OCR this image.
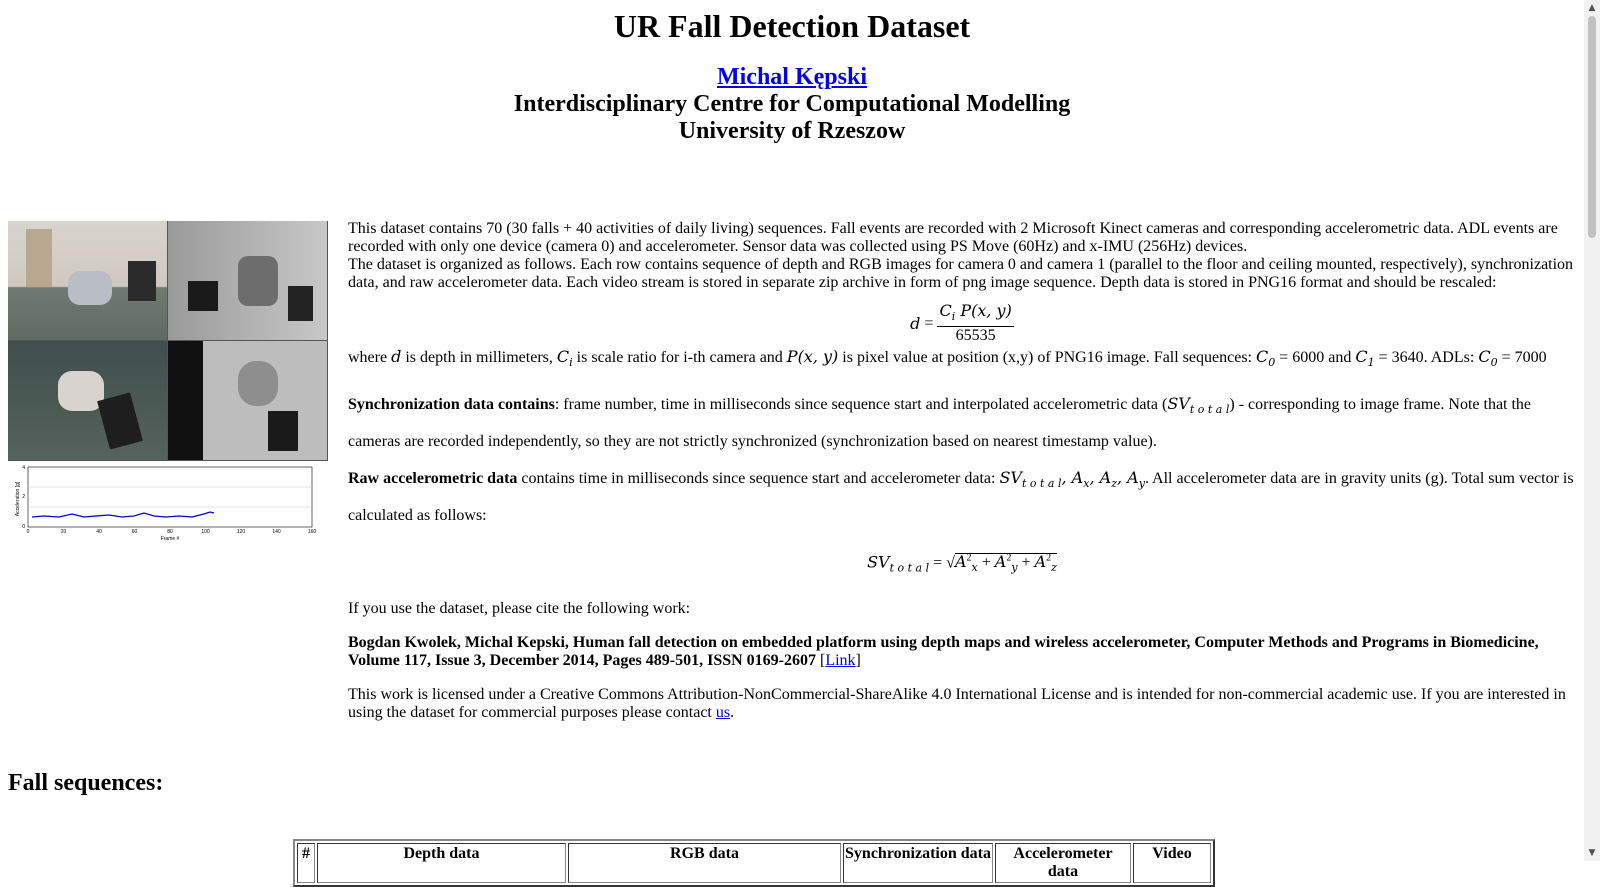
UR Fall Detection Dataset
Michal Kępski
Interdisciplinary Centre for Computational Modelling
University of Rzeszow
4
2
0
Acceleration [g]
0	20	40	60	80	100	120	140	160
Frame #

This dataset contains 70 (30 falls + 40 activities of daily living) sequences. Fall events are recorded with 2 Microsoft Kinect cameras and corresponding accelerometric data. ADL events are recorded with only one device (camera 0) and accelerometer. Sensor data was collected using PS Move (60Hz) and x-IMU (256Hz) devices.

The dataset is organized as follows. Each row contains sequence of depth and RGB images for camera 0 and camera 1 (parallel to the floor and ceiling mounted, respectively), synchronization data, and raw accelerometer data. Each video stream is stored in separate zip archive in form of png image sequence. Depth data is stored in PNG16 format and should be rescaled:

$d = \frac{C_i P(x, y)}{65535}$

where d is depth in millimeters, $C_i$ is scale ratio for i-th camera and P(x, y) is pixel value at position (x,y) of PNG16 image. Fall sequences: $C_0 = 6000$ and $C_1 = 3640$. ADLs: $C_0 = 7000$

Synchronization data contains: frame number, time in milliseconds since sequence start and interpolated accelerometric data $(SV_{t o t a l})$ - corresponding to image frame. Note that the cameras are recorded independently, so they are not strictly synchronized (synchronization based on nearest timestamp value).

Raw accelerometric data contains time in milliseconds since sequence start and accelerometer data: $SV_{t o t a l}$, $A_x$, $A_z$, $A_y$. All accelerometer data are in gravity units (g). Total sum vector is calculated as follows:

$SV_{t o t a l} = √A^2_x + A^2_y + A^2_z$

If you use the dataset, please cite the following work:

Bogdan Kwolek, Michal Kepski, Human fall detection on embedded platform using depth maps and wireless accelerometer, Computer Methods and Programs in Biomedicine, Volume 117, Issue 3, December 2014, Pages 489-501, ISSN 0169-2607 [Link]

This work is licensed under a Creative Commons Attribution-NonCommercial-ShareAlike 4.0 International License and is intended for non-commercial academic use. If you are interested in using the dataset for commercial purposes please contact us.

Fall sequences:
#	Depth data	RGB data	Synchronization data	Accelerometer data	Video
▲
▼
